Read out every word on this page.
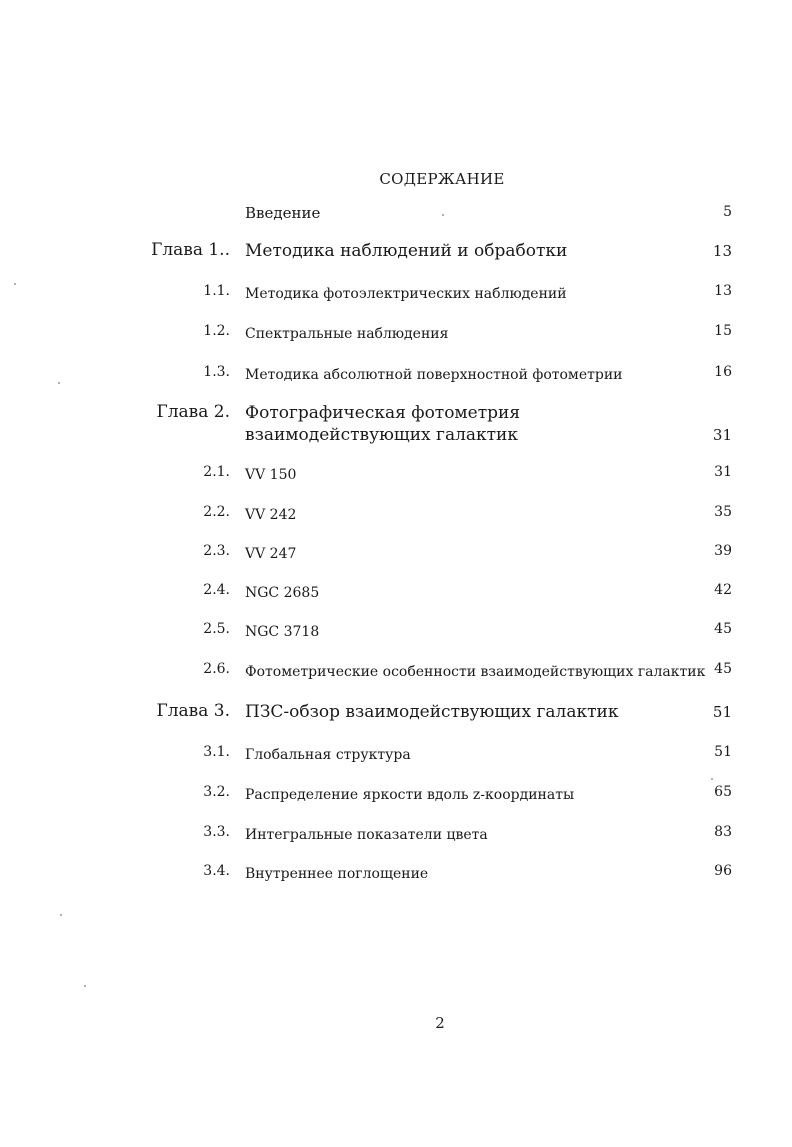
СОДЕРЖАНИЕ
Введение	5
Глава 1.. Методика наблюдений и обработки	13
1.1. Методика фотоэлектрических наблюдений	13
1.2. Спектральные наблюдения	15
1.3. Методика абсолютной поверхностной фотометрии	16
Глава 2. Фотографическая фотометрия взаимодействующих галактик	31
2.1. VV 150	31
2.2. VV 242	35
2.3. VV 247	39
2.4. NGC 2685	42
2.5. NGC 3718	45
2.6. Фотометрические особенности взаимодействующих галактик 45
Глава 3. ПЗС-обзор взаимодействующих галактик	51
3.1. Глобальная структура	51
3.2. Распределение яркости вдоль z-координаты	65
3.3. Интегральные показатели цвета	83
3.4. Внутреннее поглощение	96
2
